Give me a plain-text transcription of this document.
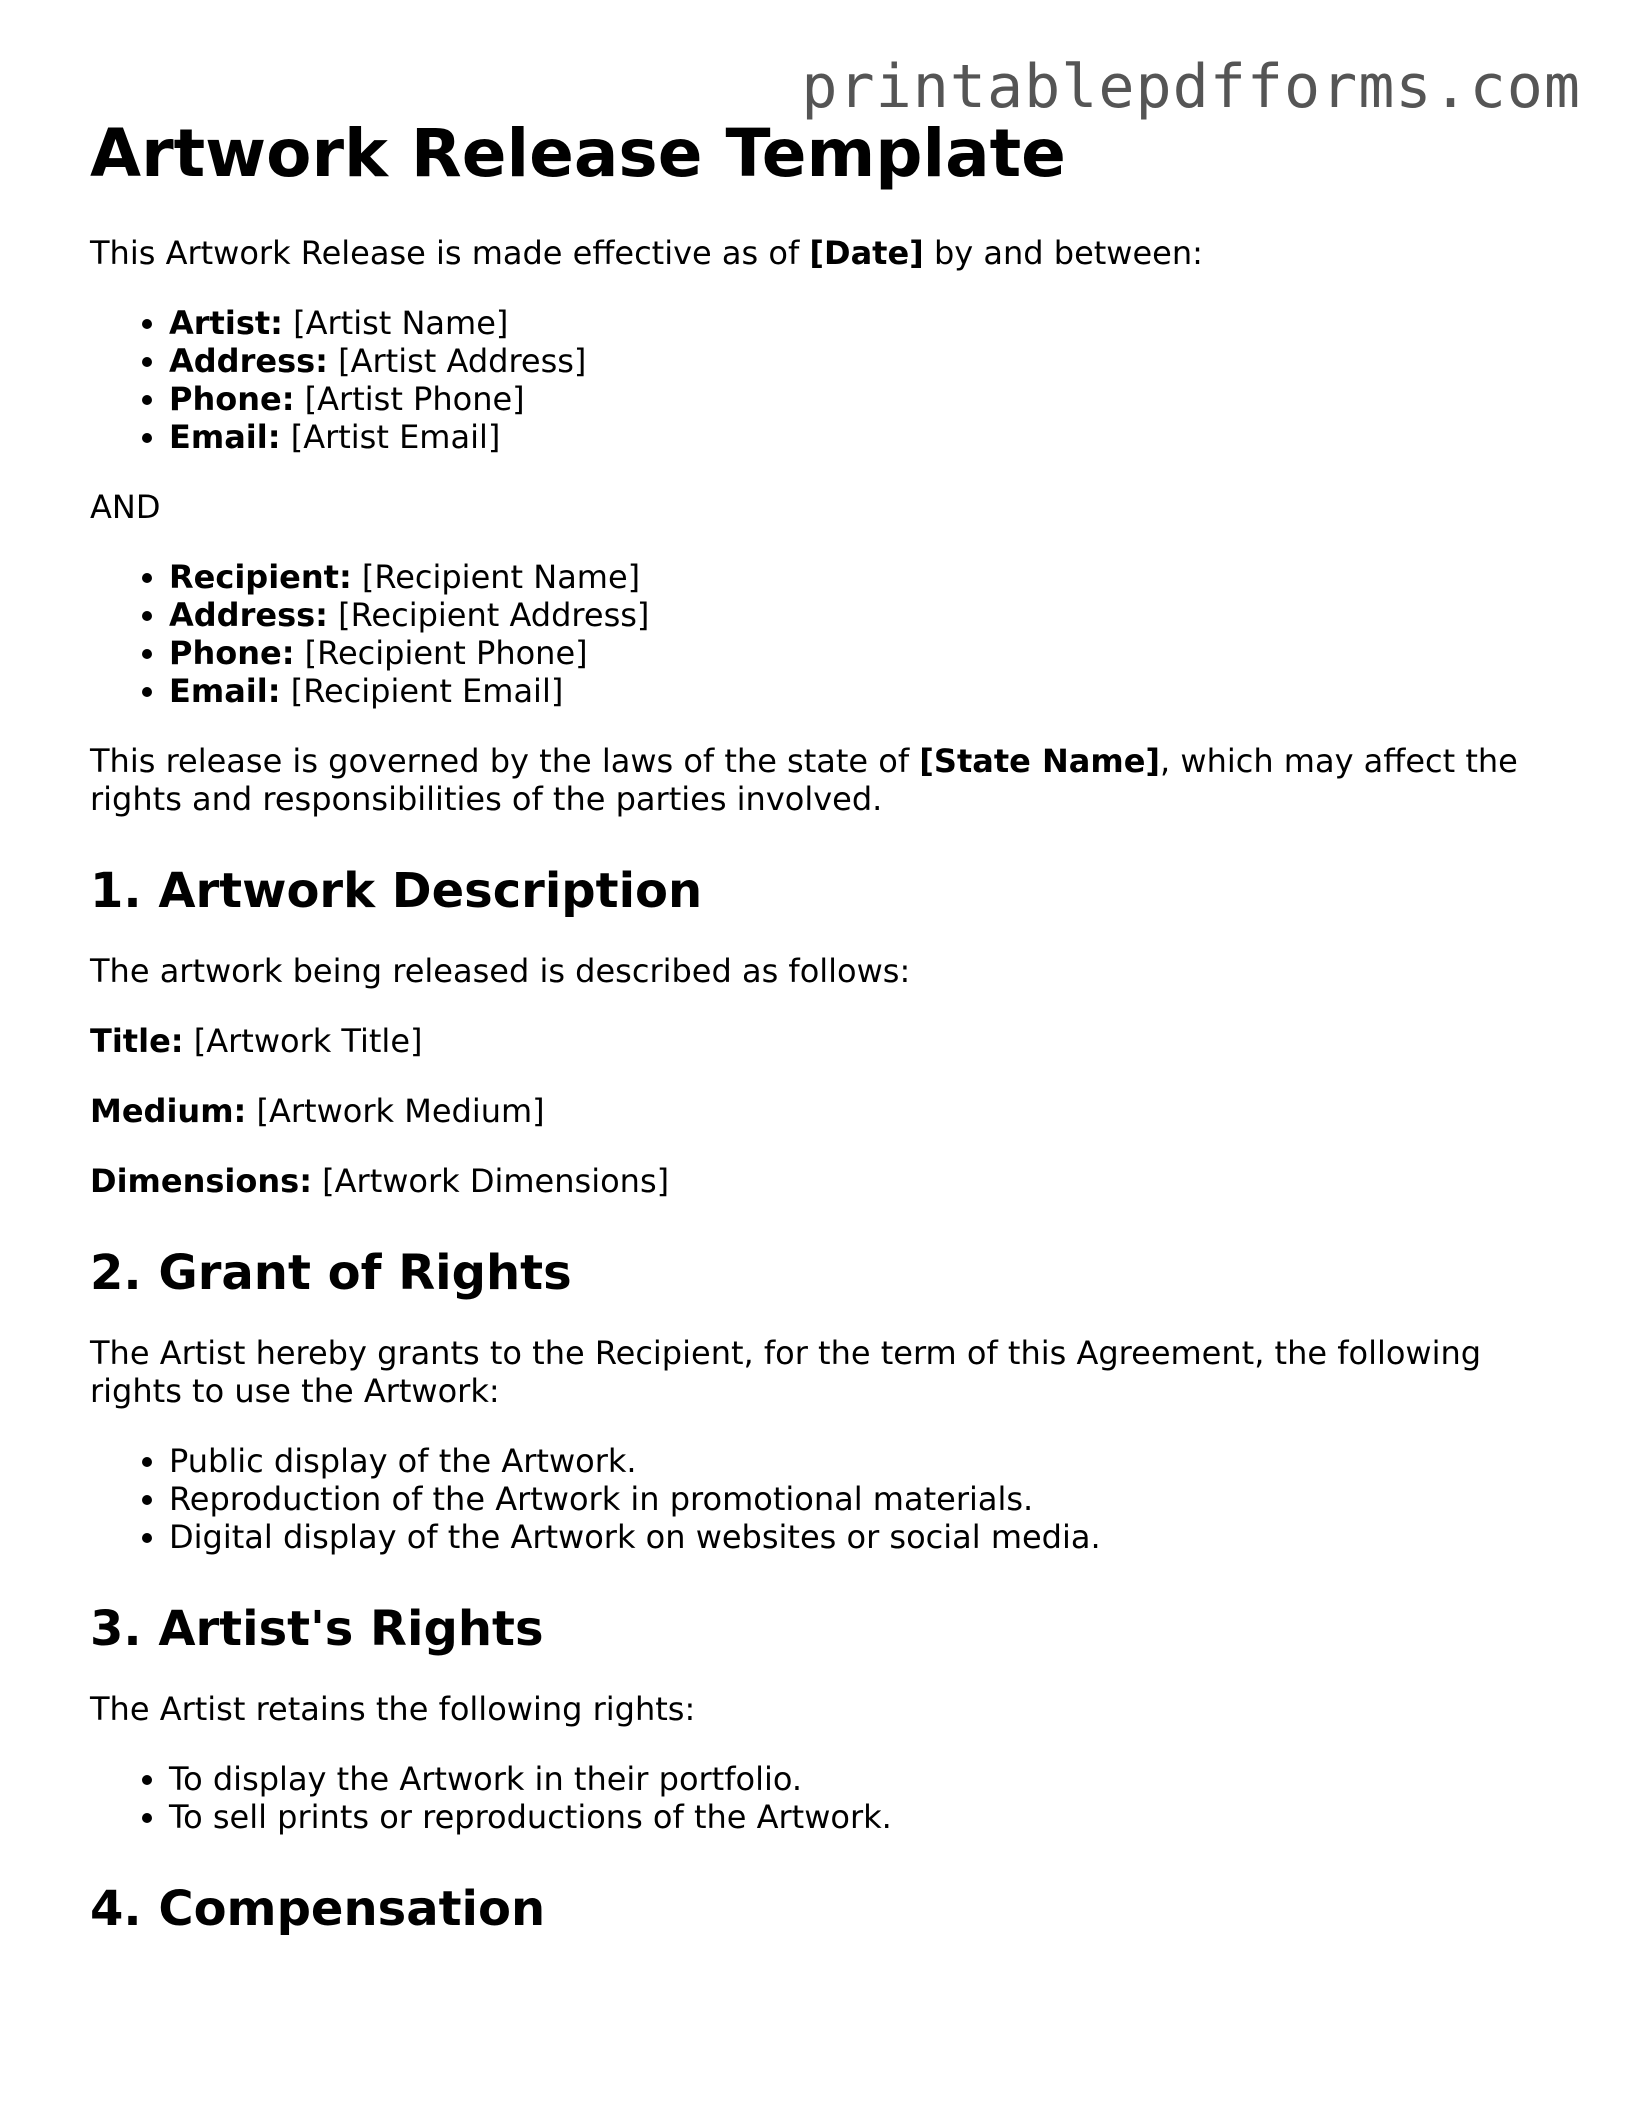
printablepdfforms.com
Artwork Release Template

This Artwork Release is made effective as of [Date] by and between:

• Artist: [Artist Name]
• Address: [Artist Address]
• Phone: [Artist Phone]
• Email: [Artist Email]

AND

• Recipient: [Recipient Name]
• Address: [Recipient Address]
• Phone: [Recipient Phone]
• Email: [Recipient Email]

This release is governed by the laws of the state of [State Name], which may affect the rights and responsibilities of the parties involved.

1. Artwork Description

The artwork being released is described as follows:

Title: [Artwork Title]

Medium: [Artwork Medium]

Dimensions: [Artwork Dimensions]

2. Grant of Rights

The Artist hereby grants to the Recipient, for the term of this Agreement, the following rights to use the Artwork:

• Public display of the Artwork.
• Reproduction of the Artwork in promotional materials.
• Digital display of the Artwork on websites or social media.
3. Artist's Rights

The Artist retains the following rights:

• To display the Artwork in their portfolio.
• To sell prints or reproductions of the Artwork.
4. Compensation
